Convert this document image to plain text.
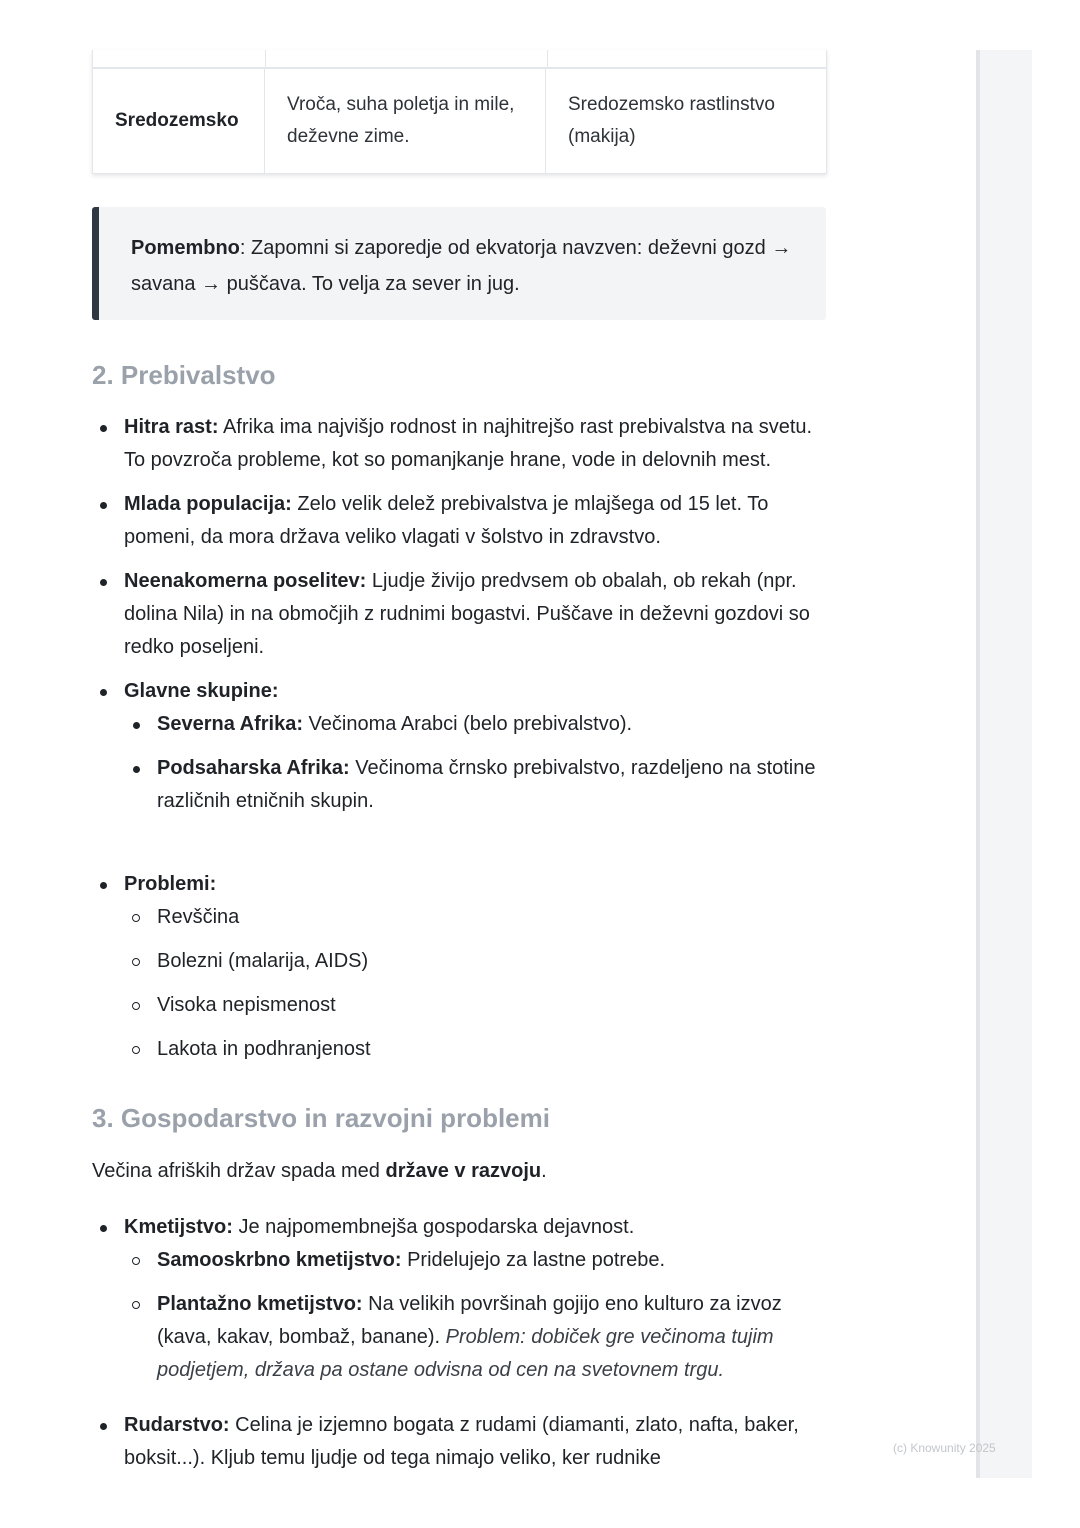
Sredozemsko
Vroča, suha poletja in mile, deževne zime.
Sredozemsko rastlinstvo (makija)
Pomembno: Zapomni si zaporedje od ekvatorja navzven: deževni gozd → savana → puščava. To velja za sever in jug.
2. Prebivalstvo
Hitra rast: Afrika ima najvišjo rodnost in najhitrejšo rast prebivalstva na svetu. To povzroča probleme, kot so pomanjkanje hrane, vode in delovnih mest.
Mlada populacija: Zelo velik delež prebivalstva je mlajšega od 15 let. To pomeni, da mora država veliko vlagati v šolstvo in zdravstvo.
Neenakomerna poselitev: Ljudje živijo predvsem ob obalah, ob rekah (npr. dolina Nila) in na območjih z rudnimi bogastvi. Puščave in deževni gozdovi so redko poseljeni.
Glavne skupine:
Severna Afrika: Večinoma Arabci (belo prebivalstvo).
Podsaharska Afrika: Večinoma črnsko prebivalstvo, razdeljeno na stotine različnih etničnih skupin.
Problemi:
Revščina
Bolezni (malarija, AIDS)
Visoka nepismenost
Lakota in podhranjenost
3. Gospodarstvo in razvojni problemi
Večina afriških držav spada med države v razvoju.
Kmetijstvo: Je najpomembnejša gospodarska dejavnost.
Samooskrbno kmetijstvo: Pridelujejo za lastne potrebe.
Plantažno kmetijstvo: Na velikih površinah gojijo eno kulturo za izvoz (kava, kakav, bombaž, banane). Problem: dobiček gre večinoma tujim podjetjem, država pa ostane odvisna od cen na svetovnem trgu.
Rudarstvo: Celina je izjemno bogata z rudami (diamanti, zlato, nafta, baker, boksit...). Kljub temu ljudje od tega nimajo veliko, ker rudnike	(c) Knowunity 2025
